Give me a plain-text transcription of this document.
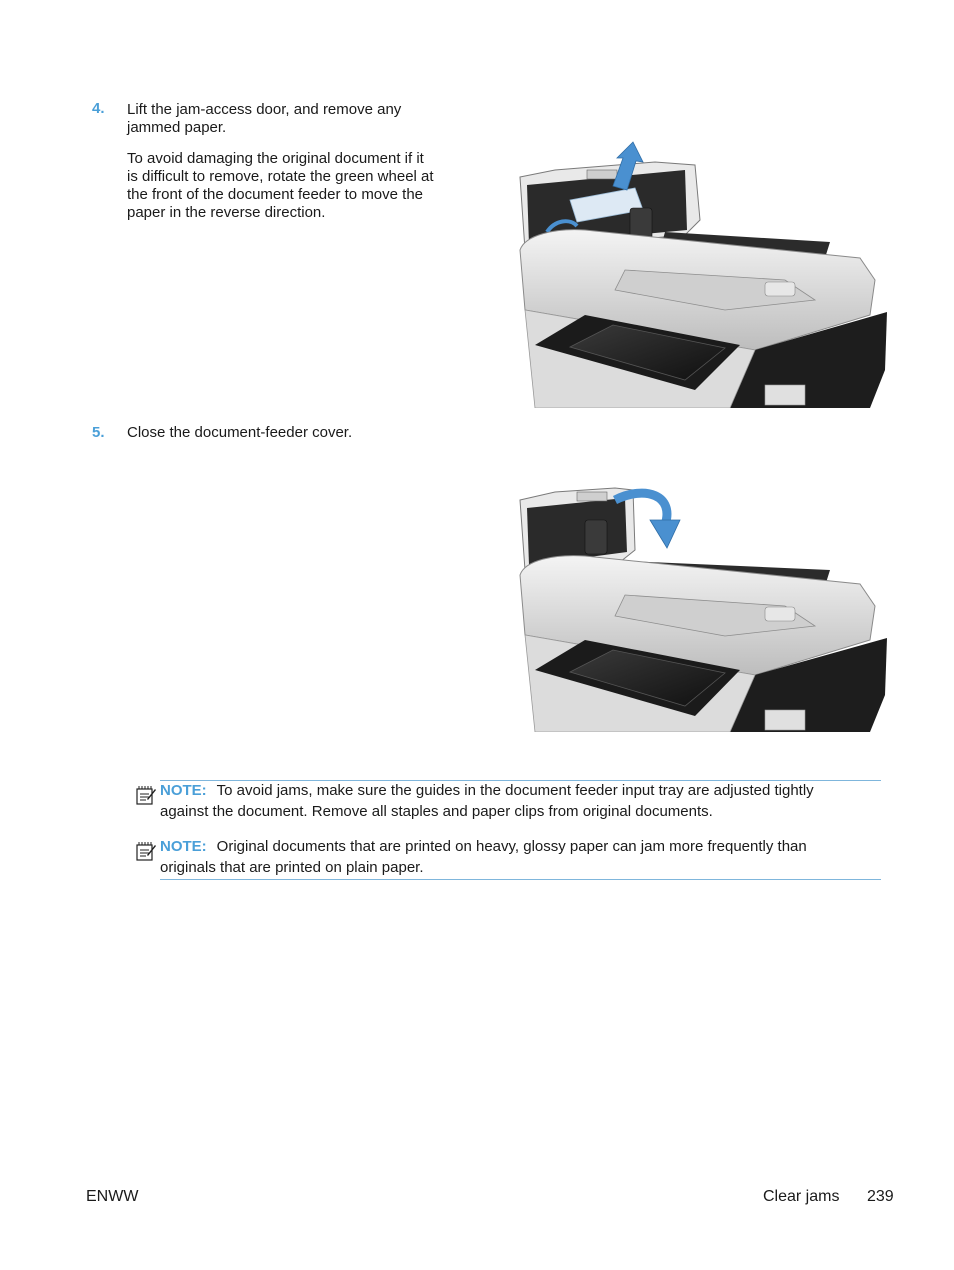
4. Lift the jam-access door, and remove any
jammed paper.
To avoid damaging the original document if it
is difficult to remove, rotate the green wheel at
the front of the document feeder to move the
paper in the reverse direction.
5. Close the document-feeder cover.
NOTE: To avoid jams, make sure the guides in the document feeder input tray are adjusted tightly
against the document. Remove all staples and paper clips from original documents.
NOTE: Original documents that are printed on heavy, glossy paper can jam more frequently than
originals that are printed on plain paper.
ENWW	Clear jams 239
